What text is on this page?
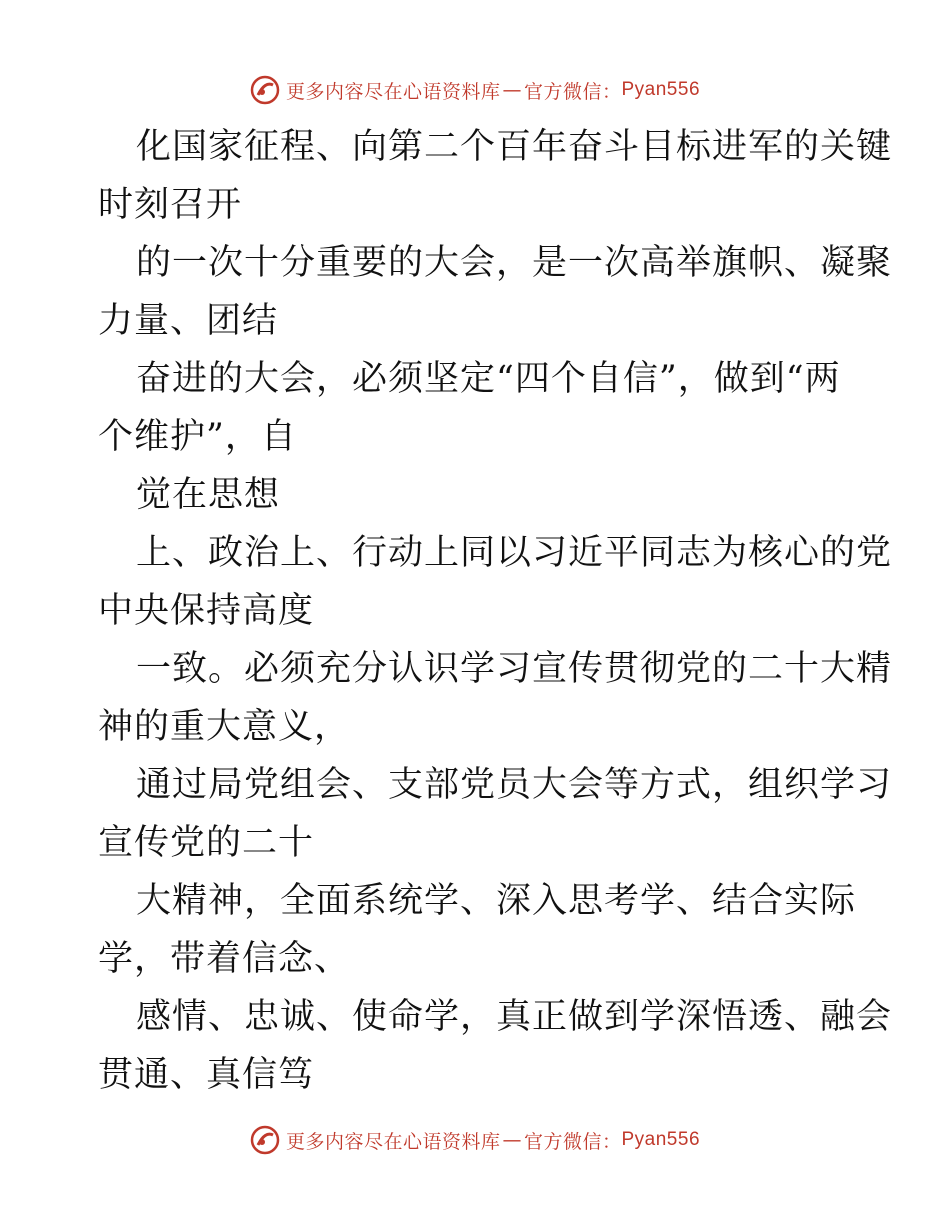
更多内容尽在心语资料库 — 官方微信： Pyan556
化国家征程、向第二个百年奋斗目标进军的关键
时刻召开
的一次十分重要的大会，是一次高举旗帜、凝聚
力量、团结
奋进的大会，必须坚定“四个自信”，做到“两
个维护”，自
觉在思想
上、政治上、行动上同以习近平同志为核心的党
中央保持高度
一致。必须充分认识学习宣传贯彻党的二十大精
神的重大意义，
通过局党组会、支部党员大会等方式，组织学习
宣传党的二十
大精神，全面系统学、深入思考学、结合实际
学，带着信念、
感情、忠诚、使命学，真正做到学深悟透、融会
贯通、真信笃
更多内容尽在心语资料库 — 官方微信： Pyan556
